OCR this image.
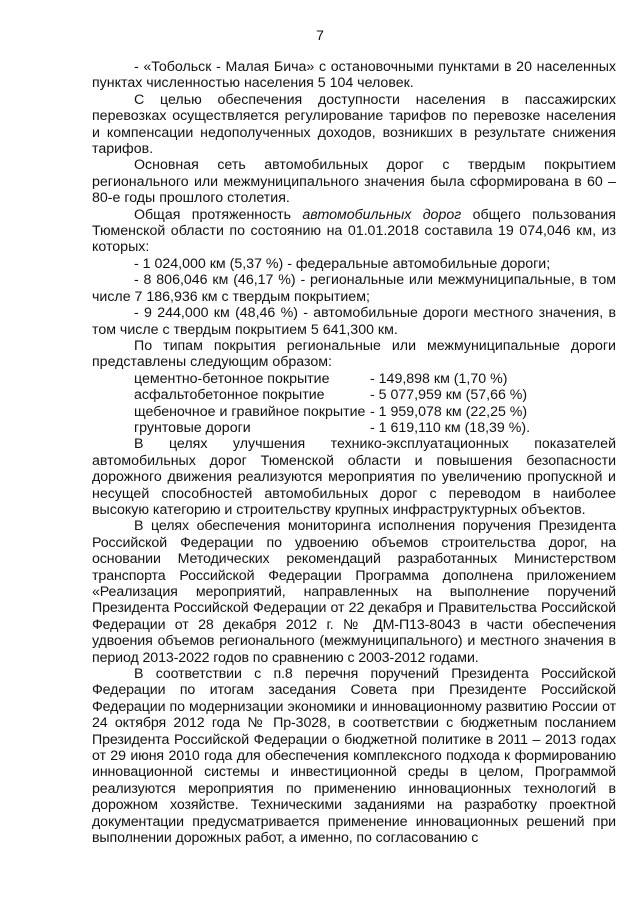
7

- «Тобольск - Малая Бича» с остановочными пунктами в 20 населенных пунктах численностью населения 5 104 человек.

С целью обеспечения доступности населения в пассажирских перевозках осуществляется регулирование тарифов по перевозке населения и компенсации недополученных доходов, возникших в результате снижения тарифов.

Основная сеть автомобильных дорог с твердым покрытием регионального или межмуниципального значения была сформирована в 60 – 80-е годы прошлого столетия.

Общая протяженность автомобильных дорог общего пользования Тюменской области по состоянию на 01.01.2018 составила 19 074,046 км, из которых:

- 1 024,000 км (5,37 %) - федеральные автомобильные дороги;

- 8 806,046 км (46,17 %) - региональные или межмуниципальные, в том числе 7 186,936 км с твердым покрытием;

- 9 244,000 км (48,46 %) - автомобильные дороги местного значения, в том числе с твердым покрытием 5 641,300 км.

По типам покрытия региональные или межмуниципальные дороги представлены следующим образом:

цементно-бетонное покрытие	- 149,898 км (1,70 %)
асфальтобетонное покрытие	- 5 077,959 км (57,66 %)
щебеночное и гравийное покрытие	- 1 959,078 км (22,25 %)
грунтовые дороги	- 1 619,110 км (18,39 %).

В целях улучшения технико-эксплуатационных показателей автомобильных дорог Тюменской области и повышения безопасности дорожного движения реализуются мероприятия по увеличению пропускной и несущей способностей автомобильных дорог с переводом в наиболее высокую категорию и строительству крупных инфраструктурных объектов.

В целях обеспечения мониторинга исполнения поручения Президента Российской Федерации по удвоению объемов строительства дорог, на основании Методических рекомендаций разработанных Министерством транспорта Российской Федерации Программа дополнена приложением «Реализация мероприятий, направленных на выполнение поручений Президента Российской Федерации от 22 декабря и Правительства Российской Федерации от 28 декабря 2012 г. № ДМ-П13-8043 в части обеспечения удвоения объемов регионального (межмуниципального) и местного значения в период 2013-2022 годов по сравнению с 2003-2012 годами.

В соответствии с п.8 перечня поручений Президента Российской Федерации по итогам заседания Совета при Президенте Российской Федерации по модернизации экономики и инновационному развитию России от 24 октября 2012 года № Пр-3028, в соответствии с бюджетным посланием Президента Российской Федерации о бюджетной политике в 2011 – 2013 годах от 29 июня 2010 года для обеспечения комплексного подхода к формированию инновационной системы и инвестиционной среды в целом, Программой реализуются мероприятия по применению инновационных технологий в дорожном хозяйстве. Техническими заданиями на разработку проектной документации предусматривается применение инновационных решений при выполнении дорожных работ, а именно, по согласованию с
